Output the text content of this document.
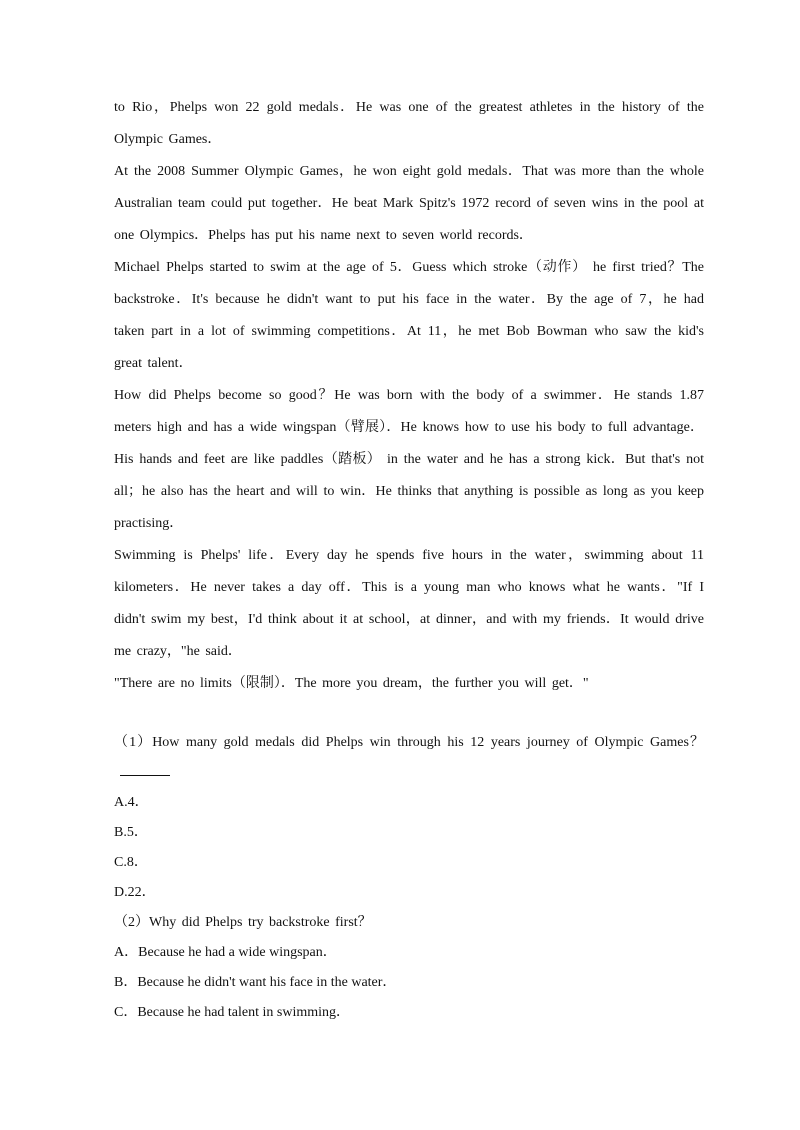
to Rio，Phelps won 22 gold medals．He was one of the greatest athletes in the history of the Olympic Games．

At the 2008 Summer Olympic Games，he won eight gold medals．That was more than the whole Australian team could put together．He beat Mark Spitz's 1972 record of seven wins in the pool at one Olympics．Phelps has put his name next to seven world records．

Michael Phelps started to swim at the age of 5．Guess which stroke（动作） he first tried？The backstroke．It's because he didn't want to put his face in the water．By the age of 7，he had taken part in a lot of swimming competitions．At 11，he met Bob Bowman who saw the kid's great talent．

How did Phelps become so good？He was born with the body of a swimmer．He stands 1.87 meters high and has a wide wingspan（臂展）．He knows how to use his body to full advantage．His hands and feet are like paddles（踏板） in the water and he has a strong kick．But that's not all；he also has the heart and will to win．He thinks that anything is possible as long as you keep practising．

Swimming is Phelps' life．Every day he spends five hours in the water，swimming about 11 kilometers．He never takes a day off．This is a young man who knows what he wants．"If I didn't swim my best，I'd think about it at school，at dinner，and with my friends．It would drive me crazy，"he said．

"There are no limits（限制）．The more you dream，the further you will get．"

（1）How many gold medals did Phelps win through his 12 years journey of Olympic Games？

A.4．

B.5．

C.8．

D.22．

（2）Why did Phelps try backstroke first？

A．Because he had a wide wingspan．

B．Because he didn't want his face in the water．

C．Because he had talent in swimming．
